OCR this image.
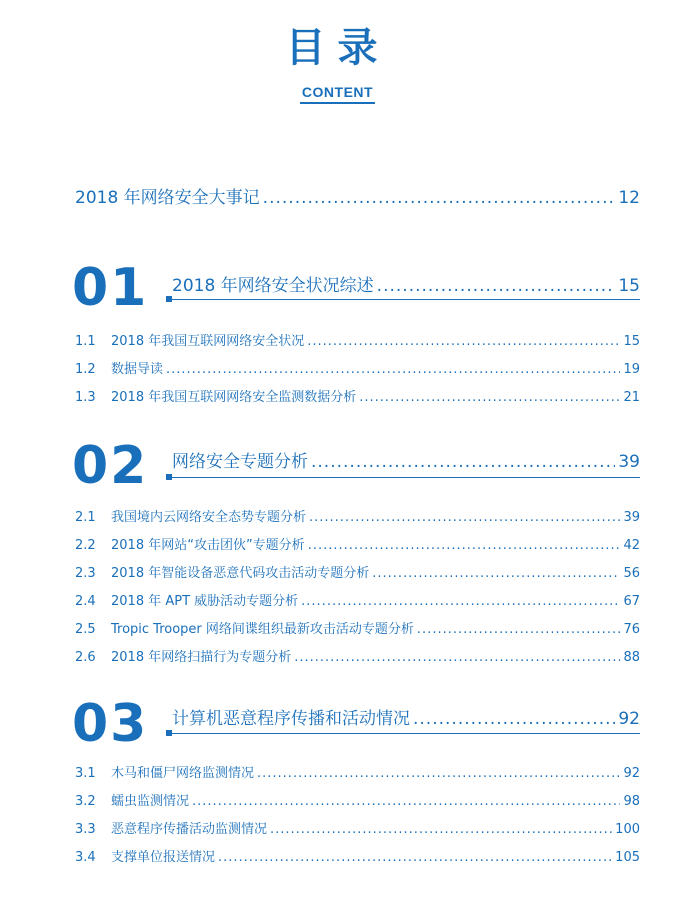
目录
CONTENT
2018 年网络安全大事记 .....	12
01 2018 年网络安全状况综述 .....	15
1.1	2018 年我国互联网网络安全状况 .....	15
1.2	数据导读 .....	19
1.3	2018 年我国互联网网络安全监测数据分析 .....	21
02 网络安全专题分析 .....	39
2.1	我国境内云网络安全态势专题分析 .....	39
2.2	2018 年网站“攻击团伙”专题分析 .....	42
2.3	2018 年智能设备恶意代码攻击活动专题分析 .....	56
2.4	2018 年 APT 威胁活动专题分析 .....	67
2.5	Tropic Trooper 网络间谍组织最新攻击活动专题分析 .....	76
2.6	2018 年网络扫描行为专题分析 .....	88
03 计算机恶意程序传播和活动情况 .....	92
3.1	木马和僵尸网络监测情况 .....	92
3.2	蠕虫监测情况 .....	98
3.3	恶意程序传播活动监测情况 .....	100
3.4	支撑单位报送情况 .....	105
